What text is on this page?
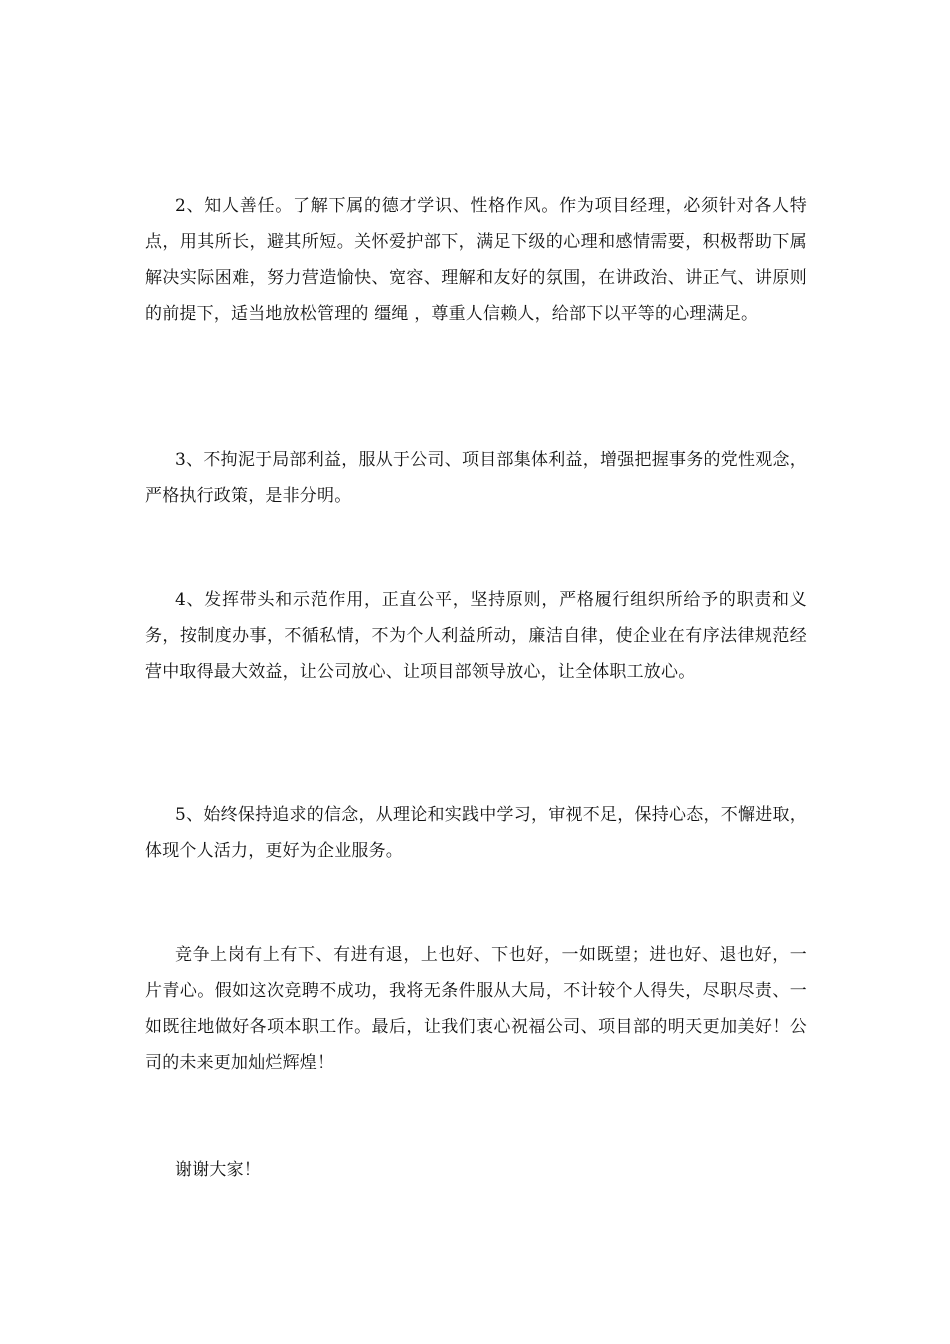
2、知人善任。了解下属的德才学识、性格作风。作为项目经理，必须针对各人特点，用其所长，避其所短。关怀爱护部下，满足下级的心理和感情需要，积极帮助下属解决实际困难，努力营造愉快、宽容、理解和友好的氛围，在讲政治、讲正气、讲原则的前提下，适当地放松管理的 缰绳 ，尊重人信赖人，给部下以平等的心理满足。

3、不拘泥于局部利益，服从于公司、项目部集体利益，增强把握事务的党性观念，严格执行政策，是非分明。

4、发挥带头和示范作用，正直公平，坚持原则，严格履行组织所给予的职责和义务，按制度办事，不循私情，不为个人利益所动，廉洁自律，使企业在有序法律规范经营中取得最大效益，让公司放心、让项目部领导放心，让全体职工放心。

5、始终保持追求的信念，从理论和实践中学习，审视不足，保持心态，不懈进取，体现个人活力，更好为企业服务。

竞争上岗有上有下、有进有退，上也好、下也好，一如既望；进也好、退也好，一片青心。假如这次竞聘不成功，我将无条件服从大局，不计较个人得失，尽职尽责、一如既往地做好各项本职工作。最后，让我们衷心祝福公司、项目部的明天更加美好！公司的未来更加灿烂辉煌！

谢谢大家！
